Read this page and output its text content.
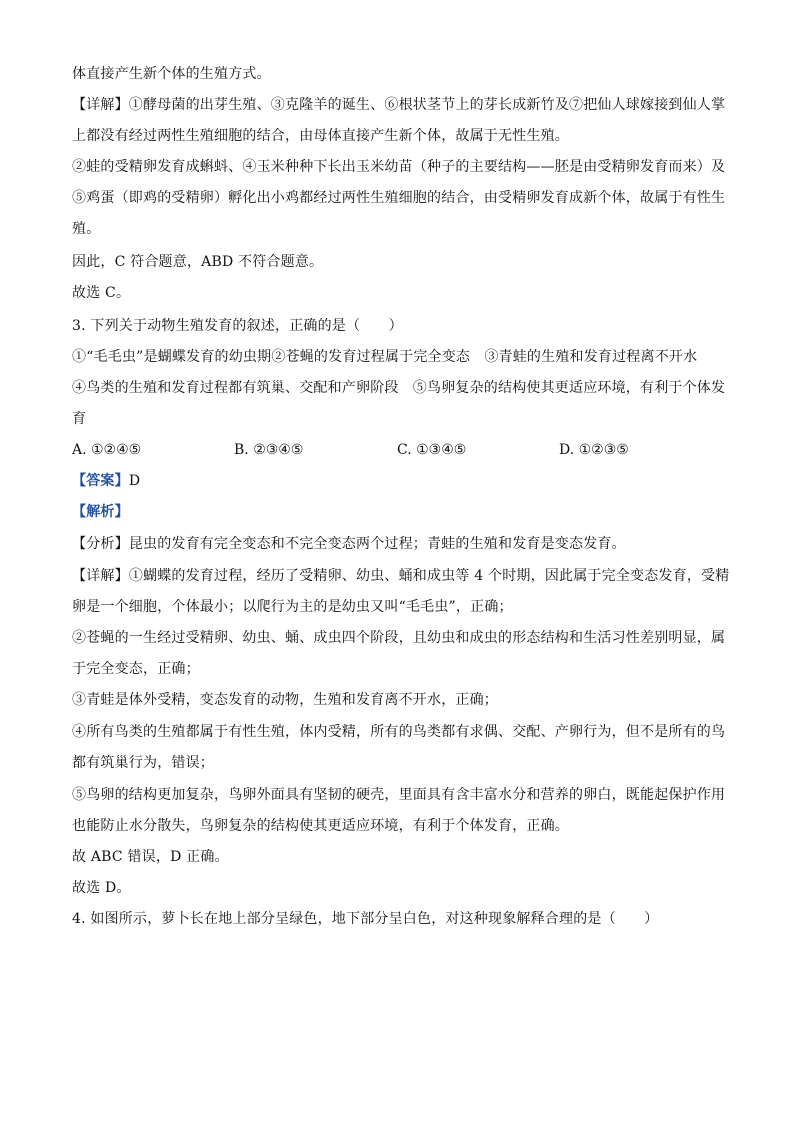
体直接产生新个体的生殖方式。
【详解】①酵母菌的出芽生殖、③克隆羊的诞生、⑥根状茎节上的芽长成新竹及⑦把仙人球嫁接到仙人掌
上都没有经过两性生殖细胞的结合，由母体直接产生新个体，故属于无性生殖。
②蛙的受精卵发育成蝌蚪、④玉米种种下长出玉米幼苗（种子的主要结构——胚是由受精卵发育而来）及
⑤鸡蛋（即鸡的受精卵）孵化出小鸡都经过两性生殖细胞的结合，由受精卵发育成新个体，故属于有性生
殖。
因此，C 符合题意，ABD 不符合题意。
故选 C。
3. 下列关于动物生殖发育的叙述，正确的是（　　）
①“毛毛虫”是蝴蝶发育的幼虫期②苍蝇的发育过程属于完全变态　③青蛙的生殖和发育过程离不开水
④鸟类的生殖和发育过程都有筑巢、交配和产卵阶段　⑤鸟卵复杂的结构使其更适应环境，有利于个体发
育
A. ①②④⑤	B. ②③④⑤	C. ①③④⑤	D. ①②③⑤
【答案】D
【解析】
【分析】昆虫的发育有完全变态和不完全变态两个过程；青蛙的生殖和发育是变态发育。
【详解】①蝴蝶的发育过程，经历了受精卵、幼虫、蛹和成虫等 4 个时期，因此属于完全变态发育，受精
卵是一个细胞，个体最小；以爬行为主的是幼虫又叫“毛毛虫”，正确；
②苍蝇的一生经过受精卵、幼虫、蛹、成虫四个阶段，且幼虫和成虫的形态结构和生活习性差别明显，属
于完全变态，正确；
③青蛙是体外受精，变态发育的动物，生殖和发育离不开水，正确；
④所有鸟类的生殖都属于有性生殖，体内受精，所有的鸟类都有求偶、交配、产卵行为，但不是所有的鸟
都有筑巢行为，错误；
⑤鸟卵的结构更加复杂，鸟卵外面具有坚韧的硬壳，里面具有含丰富水分和营养的卵白，既能起保护作用
也能防止水分散失，鸟卵复杂的结构使其更适应环境，有利于个体发育，正确。
故 ABC 错误，D 正确。
故选 D。
4. 如图所示，萝卜长在地上部分呈绿色，地下部分呈白色，对这种现象解释合理的是（　　）
